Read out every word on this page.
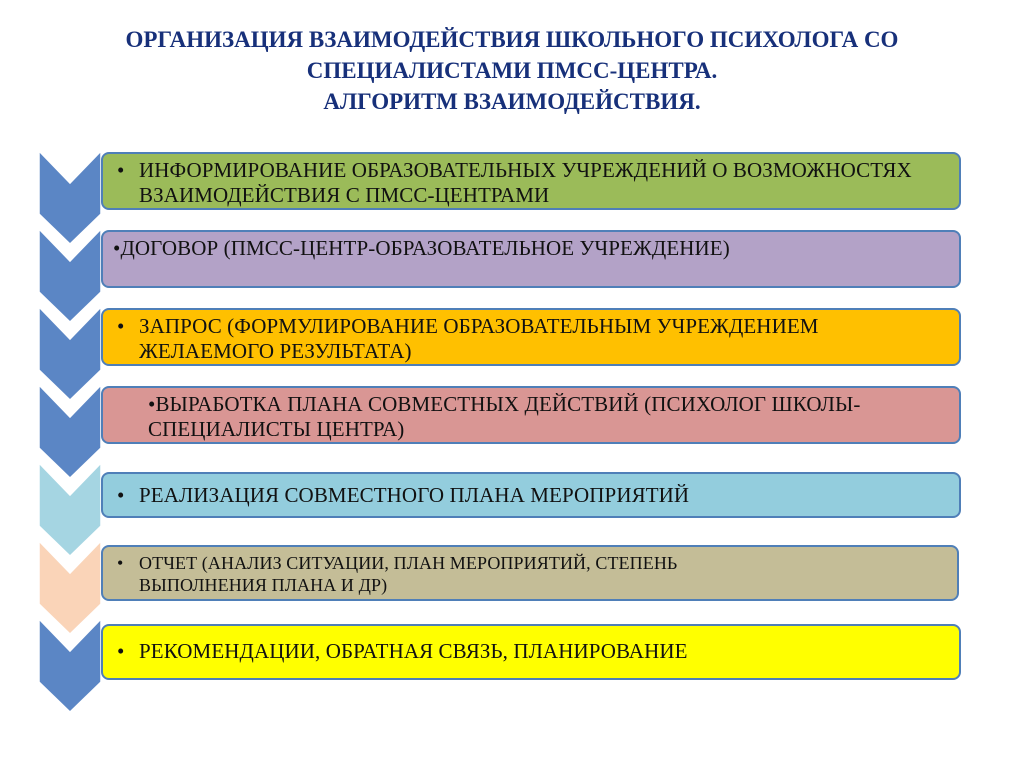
ОРГАНИЗАЦИЯ ВЗАИМОДЕЙСТВИЯ ШКОЛЬНОГО ПСИХОЛОГА СО
СПЕЦИАЛИСТАМИ ПМСС-ЦЕНТРА.
АЛГОРИТМ ВЗАИМОДЕЙСТВИЯ.
• ИНФОРМИРОВАНИЕ ОБРАЗОВАТЕЛЬНЫХ УЧРЕЖДЕНИЙ О ВОЗМОЖНОСТЯХ ВЗАИМОДЕЙСТВИЯ С ПМСС-ЦЕНТРАМИ
•ДОГОВОР (ПМСС-ЦЕНТР-ОБРАЗОВАТЕЛЬНОЕ УЧРЕЖДЕНИЕ)
• ЗАПРОС (ФОРМУЛИРОВАНИЕ ОБРАЗОВАТЕЛЬНЫМ УЧРЕЖДЕНИЕМ ЖЕЛАЕМОГО РЕЗУЛЬТАТА)
•ВЫРАБОТКА ПЛАНА СОВМЕСТНЫХ ДЕЙСТВИЙ (ПСИХОЛОГ ШКОЛЫ-СПЕЦИАЛИСТЫ ЦЕНТРА)
• РЕАЛИЗАЦИЯ СОВМЕСТНОГО ПЛАНА МЕРОПРИЯТИЙ
• ОТЧЕТ (АНАЛИЗ СИТУАЦИИ, ПЛАН МЕРОПРИЯТИЙ, СТЕПЕНЬ ВЫПОЛНЕНИЯ ПЛАНА И ДР)
• РЕКОМЕНДАЦИИ, ОБРАТНАЯ СВЯЗЬ, ПЛАНИРОВАНИЕ
